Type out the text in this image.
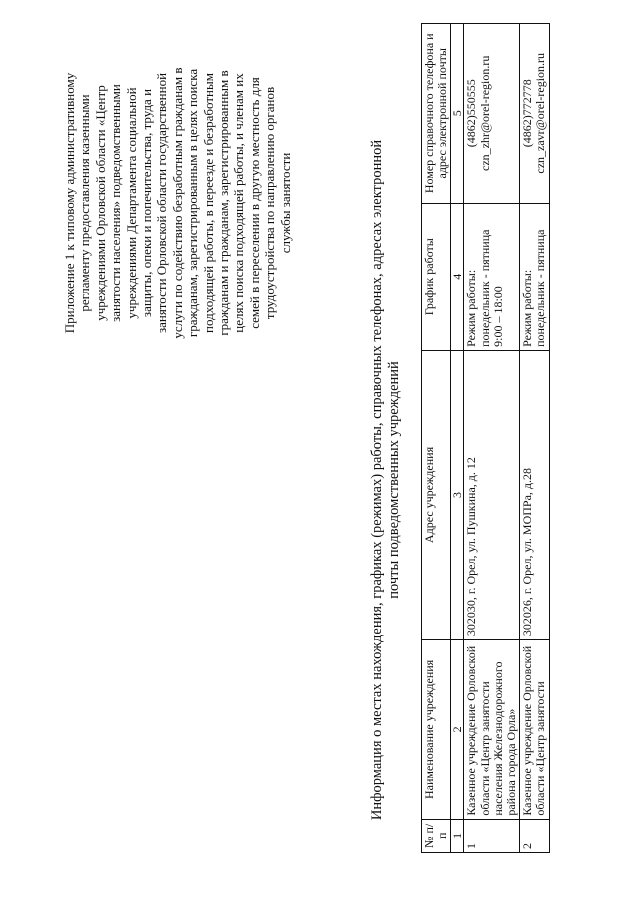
Приложение 1 к типовому административному регламенту предоставления казенными учреждениями Орловской области «Центр занятости населения» подведомственными учреждениями Департамента социальной защиты, опеки и попечительства, труда и занятости Орловской области государственной услуги по содействию безработным гражданам в гражданам, зарегистрированным в целях поиска подходящей работы, в переезде и безработным гражданам и гражданам, зарегистрированным в целях поиска подходящей работы, и членам их семей в переселении в другую местность для трудоустройства по направлению органов службы занятости	Информация о местах нахождения, графиках (режимах) работы, справочных телефонах, адресах электронной почты подведомственных учреждений
№ п/п	Наименование учреждения	Адрес учреждения	График работы	Номер справочного телефона и адрес электронной почты
1	2	3	4	5
1	Казенное учреждение Орловской области «Центр занятости населения Железнодорожного района города Орла»	302030, г. Орел, ул. Пушкина, д. 12	Режим работы: понедельник - пятница 9:00 – 18:00	(4862)550555 czn_zhr@orel-region.ru

2	Казенное учреждение Орловской области «Центр занятости	302026, г. Орел, ул. МОПРа, д.28	Режим работы: понедельник - пятница	(4862)772778 czn_zavr@orel-region.ru
